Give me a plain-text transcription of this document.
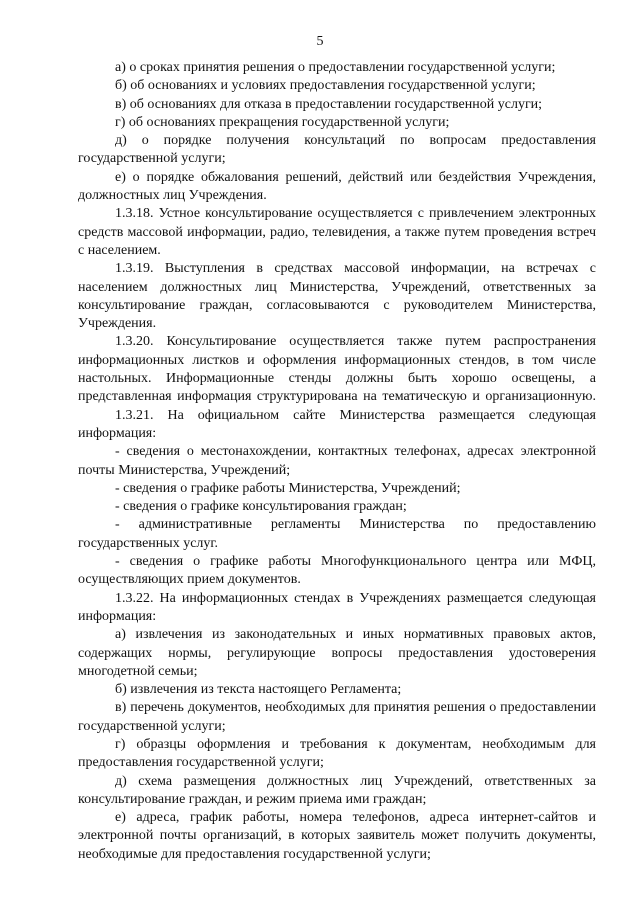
5

а) о сроках принятия решения о предоставлении государственной услуги;

б) об основаниях и условиях предоставления государственной услуги;

в) об основаниях для отказа в предоставлении государственной услуги;

г) об основаниях прекращения государственной услуги;

д) о порядке получения консультаций по вопросам предоставления государственной услуги;

е) о порядке обжалования решений, действий или бездействия Учреждения, должностных лиц Учреждения.

1.3.18. Устное консультирование осуществляется с привлечением электронных средств массовой информации, радио, телевидения, а также путем проведения встреч с населением.

1.3.19. Выступления в средствах массовой информации, на встречах с населением должностных лиц Министерства, Учреждений, ответственных за консультирование граждан, согласовываются с руководителем Министерства, Учреждения.

1.3.20. Консультирование осуществляется также путем распространения информационных листков и оформления информационных стендов, в том числе настольных. Информационные стенды должны быть хорошо освещены, а представленная информация структурирована на тематическую и организационную.

1.3.21. На официальном сайте Министерства размещается следующая информация:

- сведения о местонахождении, контактных телефонах, адресах электронной почты Министерства, Учреждений;

- сведения о графике работы Министерства, Учреждений;

- сведения о графике консультирования граждан;

- административные регламенты Министерства по предоставлению государственных услуг.

- сведения о графике работы Многофункционального центра или МФЦ, осуществляющих прием документов.

1.3.22. На информационных стендах в Учреждениях размещается следующая информация:

а) извлечения из законодательных и иных нормативных правовых актов, содержащих нормы, регулирующие вопросы предоставления удостоверения многодетной семьи;

б) извлечения из текста настоящего Регламента;

в) перечень документов, необходимых для принятия решения о предоставлении государственной услуги;

г) образцы оформления и требования к документам, необходимым для предоставления государственной услуги;

д) схема размещения должностных лиц Учреждений, ответственных за консультирование граждан, и режим приема ими граждан;

е) адреса, график работы, номера телефонов, адреса интернет-сайтов и электронной почты организаций, в которых заявитель может получить документы, необходимые для предоставления государственной услуги;
